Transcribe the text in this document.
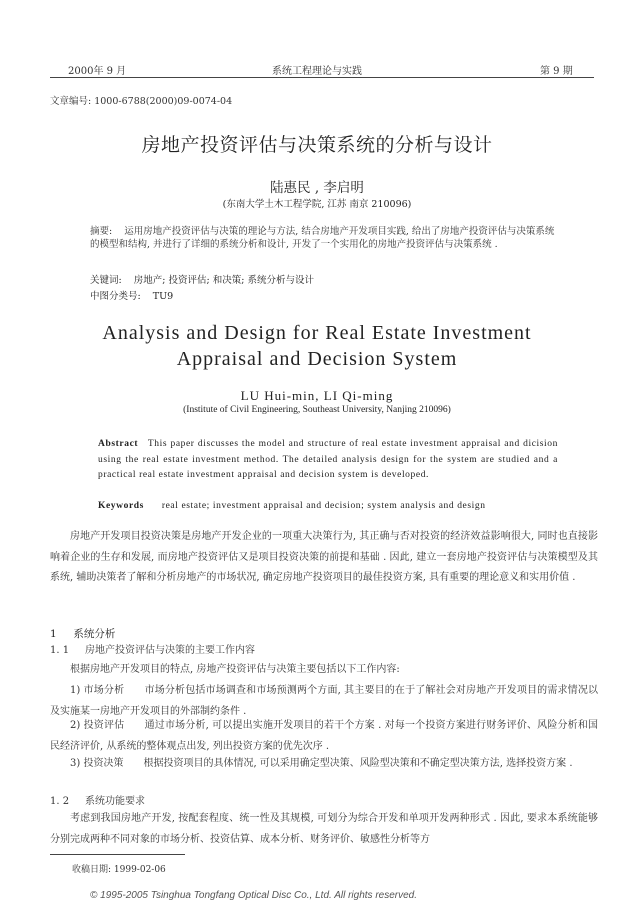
2000年 9 月	系统工程理论与实践	第 9 期
文章编号: 1000-6788(2000)09-0074-04
房地产投资评估与决策系统的分析与设计
陆惠民 , 李启明
(东南大学土木工程学院, 江苏 南京 210096)
摘要: 运用房地产投资评估与决策的理论与方法, 结合房地产开发项目实践, 给出了房地产投资评估与决策系统的模型和结构, 并进行了详细的系统分析和设计, 开发了一个实用化的房地产投资评估与决策系统 .
关键词: 房地产; 投资评估; 和决策; 系统分析与设计
中图分类号: TU9
Analysis and Design for Real Estate Investment
Appraisal and Decision System
LU Hui-min, LI Qi-ming
(Institute of Civil Engineering, Southeast University, Nanjing 210096)
Abstract This paper discusses the model and structure of real estate investment appraisal and dicision using the real estate investment method. The detailed analysis design for the system are studied and a practical real estate investment appraisal and decision system is developed.
Keywords real estate; investment appraisal and decision; system analysis and design
房地产开发项目投资决策是房地产开发企业的一项重大决策行为, 其正确与否对投资的经济效益影响很大, 同时也直接影响着企业的生存和发展, 而房地产投资评估又是项目投资决策的前提和基础 . 因此, 建立一套房地产投资评估与决策模型及其系统, 辅助决策者了解和分析房地产的市场状况, 确定房地产投资项目的最佳投资方案, 具有重要的理论意义和实用价值 .
1 系统分析
1. 1 房地产投资评估与决策的主要工作内容
根据房地产开发项目的特点, 房地产投资评估与决策主要包括以下工作内容:
1) 市场分析　　市场分析包括市场调查和市场预测两个方面, 其主要目的在于了解社会对房地产开发项目的需求情况以及实施某一房地产开发项目的外部制约条件 .
2) 投资评估　　通过市场分析, 可以提出实施开发项目的若干个方案 . 对每一个投资方案进行财务评价、风险分析和国民经济评价, 从系统的整体观点出发, 列出投资方案的优先次序 .
3) 投资决策　　根据投资项目的具体情况, 可以采用确定型决策、风险型决策和不确定型决策方法, 选择投资方案 .
1. 2 系统功能要求
考虑到我国房地产开发, 按配套程度、统一性及其规模, 可划分为综合开发和单项开发两种形式 . 因此, 要求本系统能够分别完成两种不同对象的市场分析、投资估算、成本分析、财务评价、敏感性分析等方
收稿日期: 1999-02-06
© 1995-2005 Tsinghua Tongfang Optical Disc Co., Ltd. All rights reserved.
